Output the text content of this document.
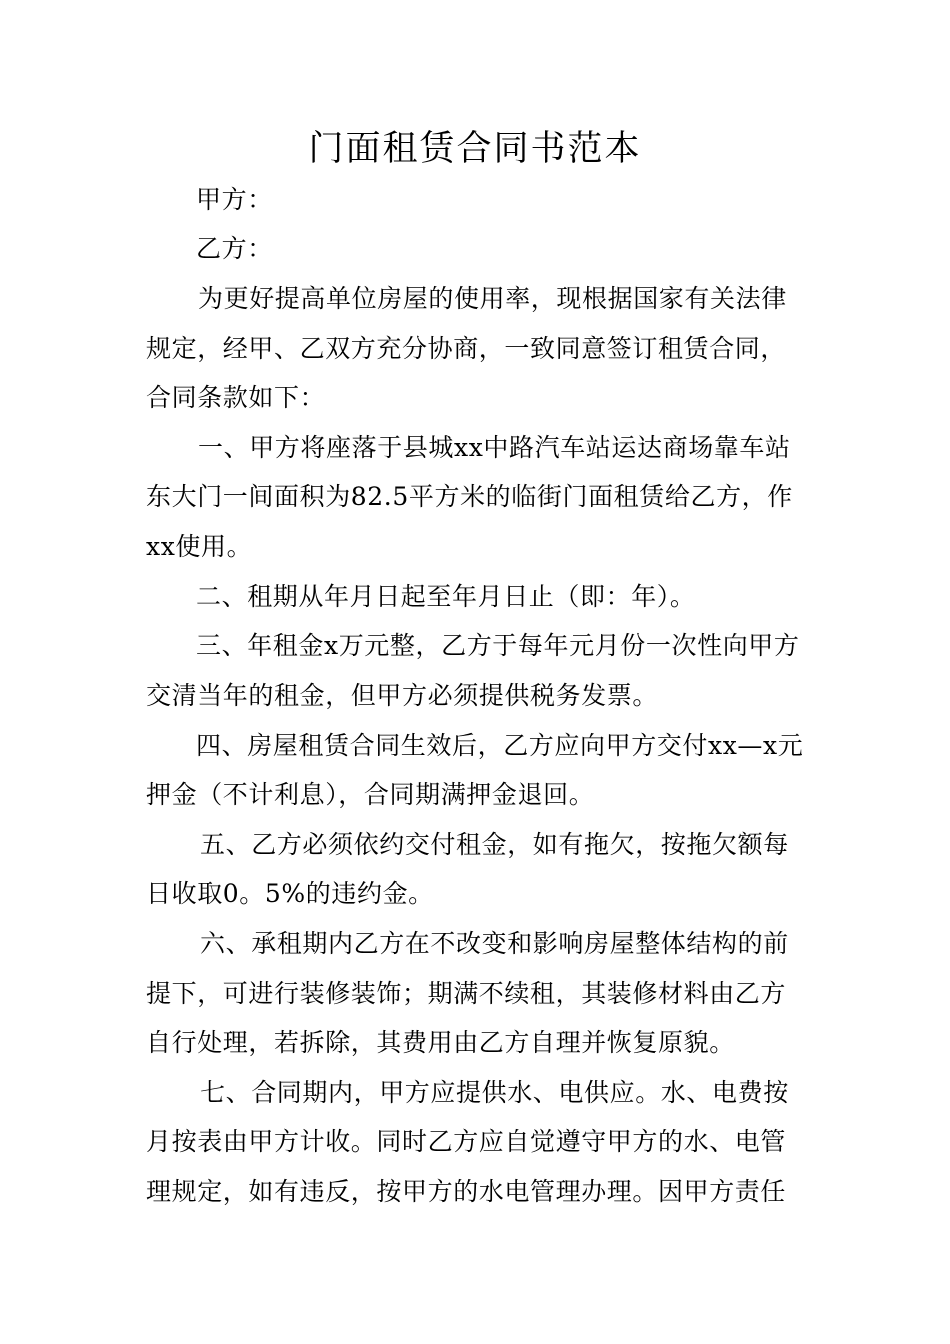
门面租赁合同书范本
甲方：
乙方：
为更好提高单位房屋的使用率，现根据国家有关法律
规定，经甲、乙双方充分协商，一致同意签订租赁合同，
合同条款如下：
一、甲方将座落于县城xx中路汽车站运达商场靠车站
东大门一间面积为82.5平方米的临街门面租赁给乙方，作
xx使用。
二、租期从年月日起至年月日止（即：年）。
三、年租金x万元整，乙方于每年元月份一次性向甲方
交清当年的租金，但甲方必须提供税务发票。
四、房屋租赁合同生效后，乙方应向甲方交付xx—x元
押金（不计利息），合同期满押金退回。
五、乙方必须依约交付租金，如有拖欠，按拖欠额每
日收取0。5%的违约金。
六、承租期内乙方在不改变和影响房屋整体结构的前
提下，可进行装修装饰；期满不续租，其装修材料由乙方
自行处理，若拆除，其费用由乙方自理并恢复原貌。
七、合同期内，甲方应提供水、电供应。水、电费按
月按表由甲方计收。同时乙方应自觉遵守甲方的水、电管
理规定，如有违反，按甲方的水电管理办理。因甲方责任
